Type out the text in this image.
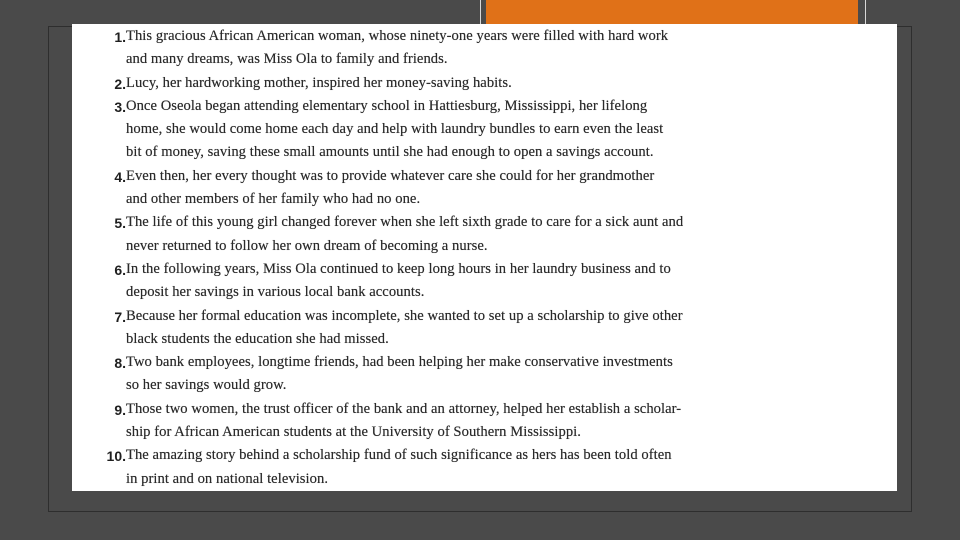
1. This gracious African American woman, whose ninety-one years were filled with hard work
and many dreams, was Miss Ola to family and friends.
2. Lucy, her hardworking mother, inspired her money-saving habits.
3. Once Oseola began attending elementary school in Hattiesburg, Mississippi, her lifelong
home, she would come home each day and help with laundry bundles to earn even the least
bit of money, saving these small amounts until she had enough to open a savings account.
4. Even then, her every thought was to provide whatever care she could for her grandmother
and other members of her family who had no one.
5. The life of this young girl changed forever when she left sixth grade to care for a sick aunt and
never returned to follow her own dream of becoming a nurse.
6. In the following years, Miss Ola continued to keep long hours in her laundry business and to
deposit her savings in various local bank accounts.
7. Because her formal education was incomplete, she wanted to set up a scholarship to give other
black students the education she had missed.
8. Two bank employees, longtime friends, had been helping her make conservative investments
so her savings would grow.
9. Those two women, the trust officer of the bank and an attorney, helped her establish a scholar-
ship for African American students at the University of Southern Mississippi.
10. The amazing story behind a scholarship fund of such significance as hers has been told often
in print and on national television.
